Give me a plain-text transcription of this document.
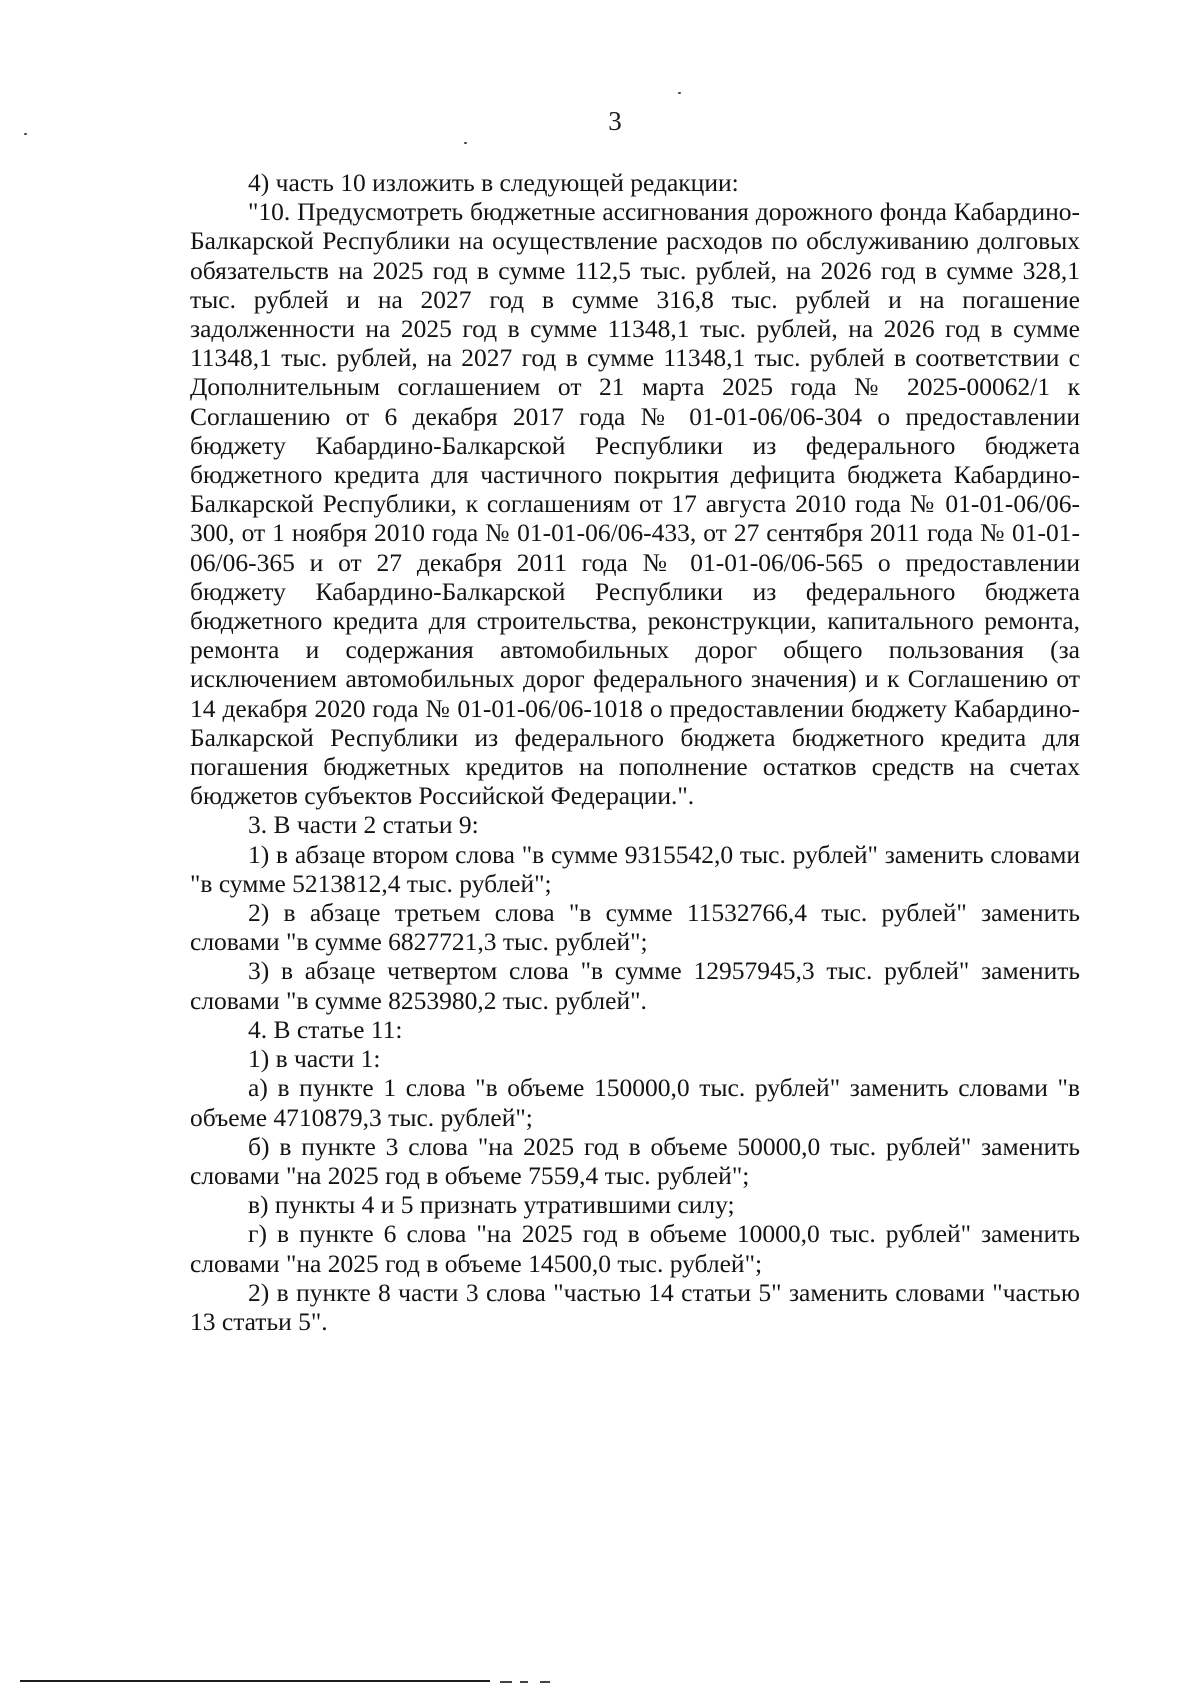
3

4) часть 10 изложить в следующей редакции:

"10. Предусмотреть бюджетные ассигнования дорожного фонда Кабардино-Балкарской Республики на осуществление расходов по обслуживанию долговых обязательств на 2025 год в сумме 112,5 тыс. рублей, на 2026 год в сумме 328,1 тыс. рублей и на 2027 год в сумме 316,8 тыс. рублей и на погашение задолженности на 2025 год в сумме 11348,1 тыс. рублей, на 2026 год в сумме 11348,1 тыс. рублей, на 2027 год в сумме 11348,1 тыс. рублей в соответствии с Дополнительным соглашением от 21 марта 2025 года № 2025-00062/1 к Соглашению от 6 декабря 2017 года № 01-01-06/06-304 о предоставлении бюджету Кабардино-Балкарской Республики из федерального бюджета бюджетного кредита для частичного покрытия дефицита бюджета Кабардино-Балкарской Республики, к соглашениям от 17 августа 2010 года № 01-01-06/06-300, от 1 ноября 2010 года № 01-01-06/06-433, от 27 сентября 2011 года № 01-01-06/06-365 и от 27 декабря 2011 года № 01-01-06/06-565 о предоставлении бюджету Кабардино-Балкарской Республики из федерального бюджета бюджетного кредита для строительства, реконструкции, капитального ремонта, ремонта и содержания автомобильных дорог общего пользования (за исключением автомобильных дорог федерального значения) и к Соглашению от 14 декабря 2020 года № 01-01-06/06-1018 о предоставлении бюджету Кабардино-Балкарской Республики из федерального бюджета бюджетного кредита для погашения бюджетных кредитов на пополнение остатков средств на счетах бюджетов субъектов Российской Федерации.".

3. В части 2 статьи 9:

1) в абзаце втором слова "в сумме 9315542,0 тыс. рублей" заменить словами "в сумме 5213812,4 тыс. рублей";

2) в абзаце третьем слова "в сумме 11532766,4 тыс. рублей" заменить словами "в сумме 6827721,3 тыс. рублей";

3) в абзаце четвертом слова "в сумме 12957945,3 тыс. рублей" заменить словами "в сумме 8253980,2 тыс. рублей".

4. В статье 11:

1) в части 1:

а) в пункте 1 слова "в объеме 150000,0 тыс. рублей" заменить словами "в объеме 4710879,3 тыс. рублей";

б) в пункте 3 слова "на 2025 год в объеме 50000,0 тыс. рублей" заменить словами "на 2025 год в объеме 7559,4 тыс. рублей";

в) пункты 4 и 5 признать утратившими силу;

г) в пункте 6 слова "на 2025 год в объеме 10000,0 тыс. рублей" заменить словами "на 2025 год в объеме 14500,0 тыс. рублей";

2) в пункте 8 части 3 слова "частью 14 статьи 5" заменить словами "частью 13 статьи 5".
